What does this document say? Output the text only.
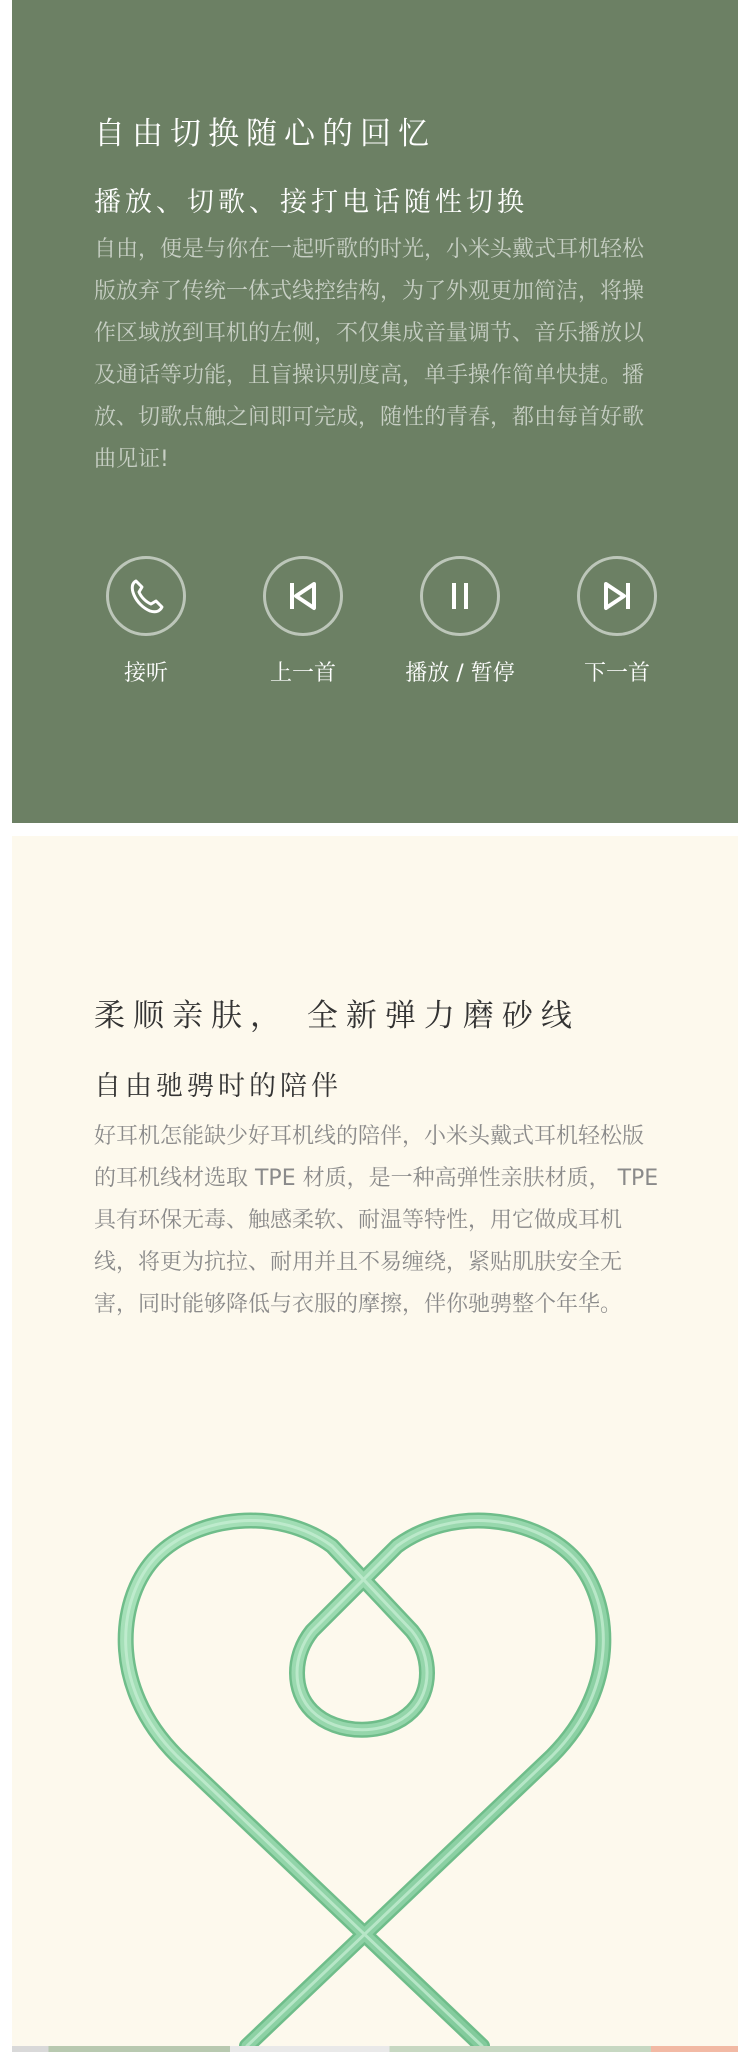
自由切换随心的回忆
播放、切歌、接打电话随性切换
自由，便是与你在一起听歌的时光，小米头戴式耳机轻松版放弃了传统一体式线控结构，为了外观更加简洁，将操作区域放到耳机的左侧，不仅集成音量调节、音乐播放以及通话等功能，且盲操识别度高，单手操作简单快捷。播放、切歌点触之间即可完成，随性的青春，都由每首好歌曲见证!
接听	上一首	播放 / 暂停	下一首
柔顺亲肤， 全新弹力磨砂线
自由驰骋时的陪伴
好耳机怎能缺少好耳机线的陪伴，小米头戴式耳机轻松版的耳机线材选取 TPE 材质，是一种高弹性亲肤材质， TPE 具有环保无毒、触感柔软、耐温等特性，用它做成耳机线，将更为抗拉、耐用并且不易缠绕，紧贴肌肤安全无害，同时能够降低与衣服的摩擦，伴你驰骋整个年华。
